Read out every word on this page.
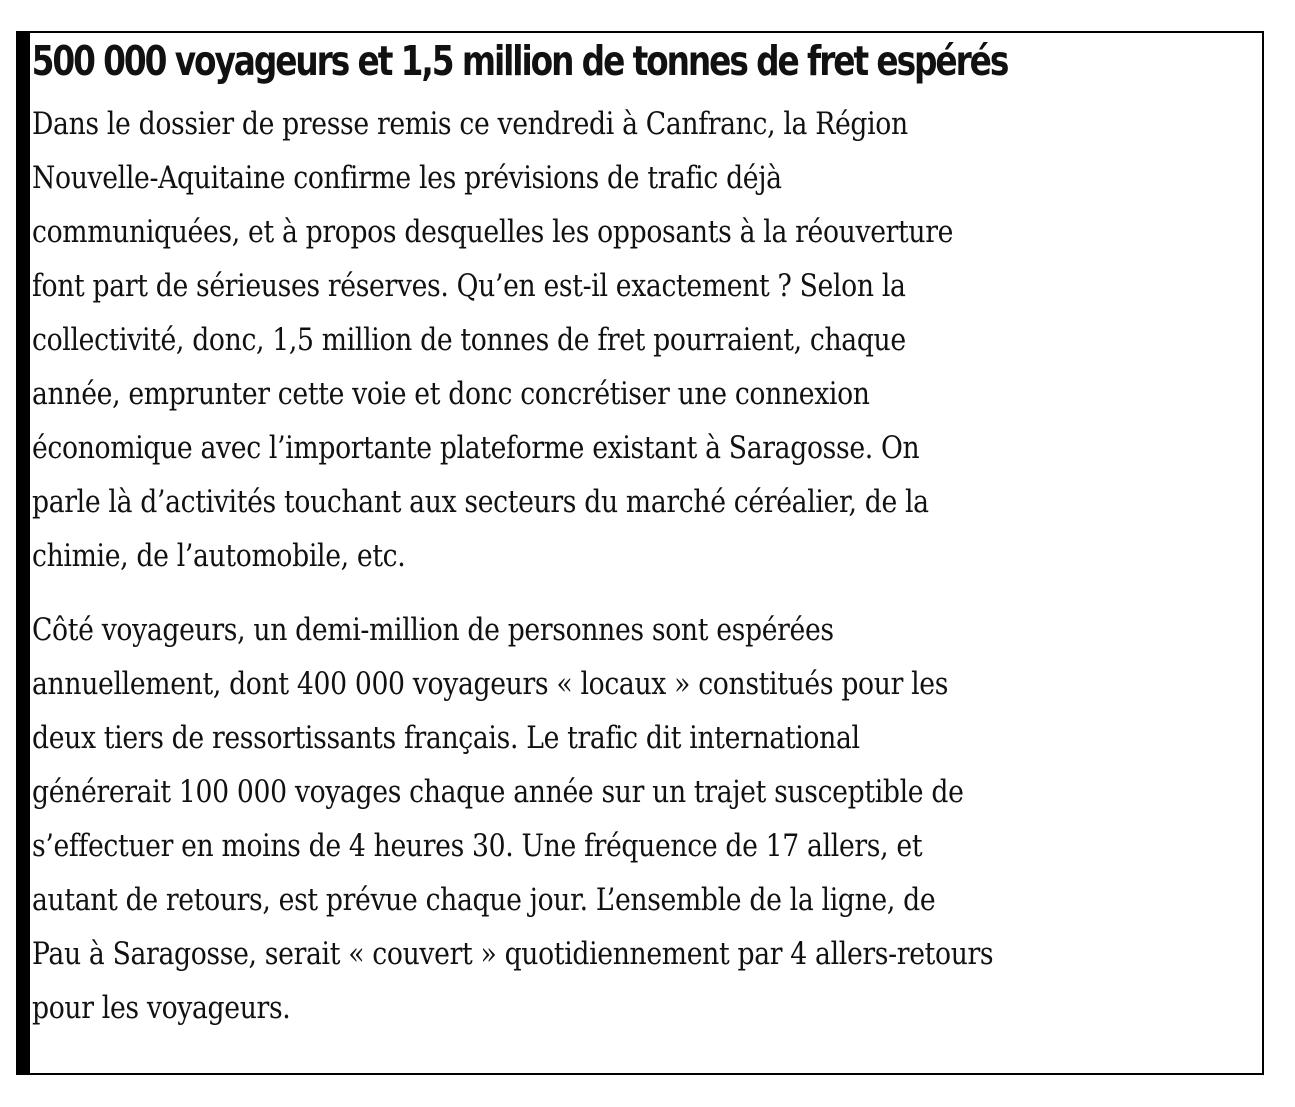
500 000 voyageurs et 1,5 million de tonnes de fret espérés

Dans le dossier de presse remis ce vendredi à Canfranc, la Région
Nouvelle-Aquitaine confirme les prévisions de trafic déjà
communiquées, et à propos desquelles les opposants à la réouverture
font part de sérieuses réserves. Qu’en est-il exactement ? Selon la
collectivité, donc, 1,5 million de tonnes de fret pourraient, chaque
année, emprunter cette voie et donc concrétiser une connexion
économique avec l’importante plateforme existant à Saragosse. On
parle là d’activités touchant aux secteurs du marché céréalier, de la
chimie, de l’automobile, etc.

Côté voyageurs, un demi-million de personnes sont espérées
annuellement, dont 400 000 voyageurs « locaux » constitués pour les
deux tiers de ressortissants français. Le trafic dit international
générerait 100 000 voyages chaque année sur un trajet susceptible de
s’effectuer en moins de 4 heures 30. Une fréquence de 17 allers, et
autant de retours, est prévue chaque jour. L’ensemble de la ligne, de
Pau à Saragosse, serait « couvert » quotidiennement par 4 allers-retours
pour les voyageurs.
